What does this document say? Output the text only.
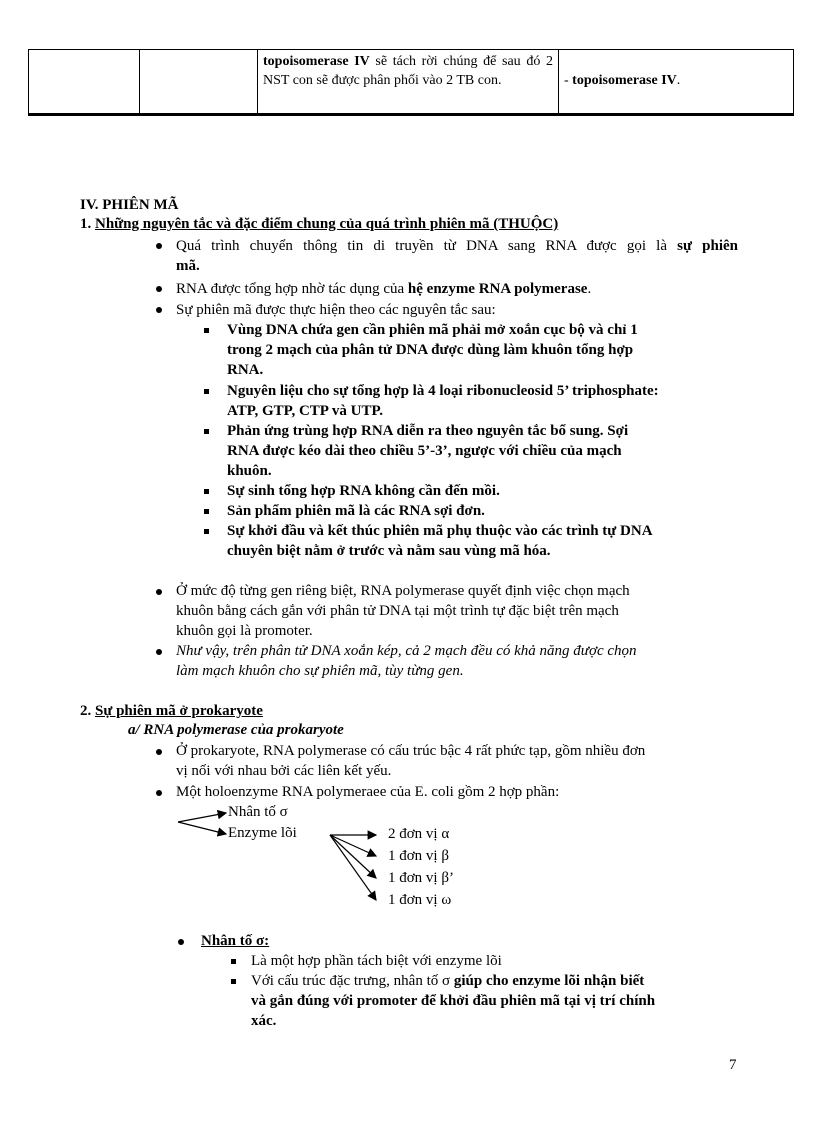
		topoisomerase IV sẽ tách rời chúng để sau đó 2 NST con sẽ được phân phối vào 2 TB con.	- topoisomerase IV.
IV. PHIÊN MÃ
1. Những nguyên tắc và đặc điểm chung của quá trình phiên mã (THUỘC)
Quá trình chuyển thông tin di truyền từ DNA sang RNA được gọi là sự phiên
mã.
RNA được tổng hợp nhờ tác dụng của hệ enzyme RNA polymerase.
Sự phiên mã được thực hiện theo các nguyên tắc sau:
Vùng DNA chứa gen cần phiên mã phải mở xoắn cục bộ và chỉ 1
trong 2 mạch của phân tử DNA được dùng làm khuôn tổng hợp
RNA.
Nguyên liệu cho sự tổng hợp là 4 loại ribonucleosid 5’ triphosphate:
ATP, GTP, CTP và UTP.
Phản ứng trùng hợp RNA diễn ra theo nguyên tắc bổ sung. Sợi
RNA được kéo dài theo chiều 5’-3’, ngược với chiều của mạch
khuôn.
Sự sinh tổng hợp RNA không cần đến mồi.
Sản phẩm phiên mã là các RNA sợi đơn.
Sự khởi đầu và kết thúc phiên mã phụ thuộc vào các trình tự DNA
chuyên biệt nằm ở trước và nằm sau vùng mã hóa.
Ở mức độ từng gen riêng biệt, RNA polymerase quyết định việc chọn mạch
khuôn bằng cách gắn với phân tử DNA tại một trình tự đặc biệt trên mạch
khuôn gọi là promoter.
Như vậy, trên phân tử DNA xoắn kép, cả 2 mạch đều có khả năng được chọn
làm mạch khuôn cho sự phiên mã, tùy từng gen.
2. Sự phiên mã ở prokaryote
a/ RNA polymerase của prokaryote
Ở prokaryote, RNA polymerase có cấu trúc bậc 4 rất phức tạp, gồm nhiều đơn
vị nối với nhau bởi các liên kết yếu.
Một holoenzyme RNA polymeraee của E. coli gồm 2 hợp phần:
Nhân tố σ
Enzyme lõi	2 đơn vị α
1 đơn vị β
1 đơn vị β’
1 đơn vị ω
Nhân tố σ:
Là một hợp phần tách biệt với enzyme lõi
Với cấu trúc đặc trưng, nhân tố σ giúp cho enzyme lõi nhận biết
và gắn đúng với promoter để khởi đầu phiên mã tại vị trí chính
xác.
7
